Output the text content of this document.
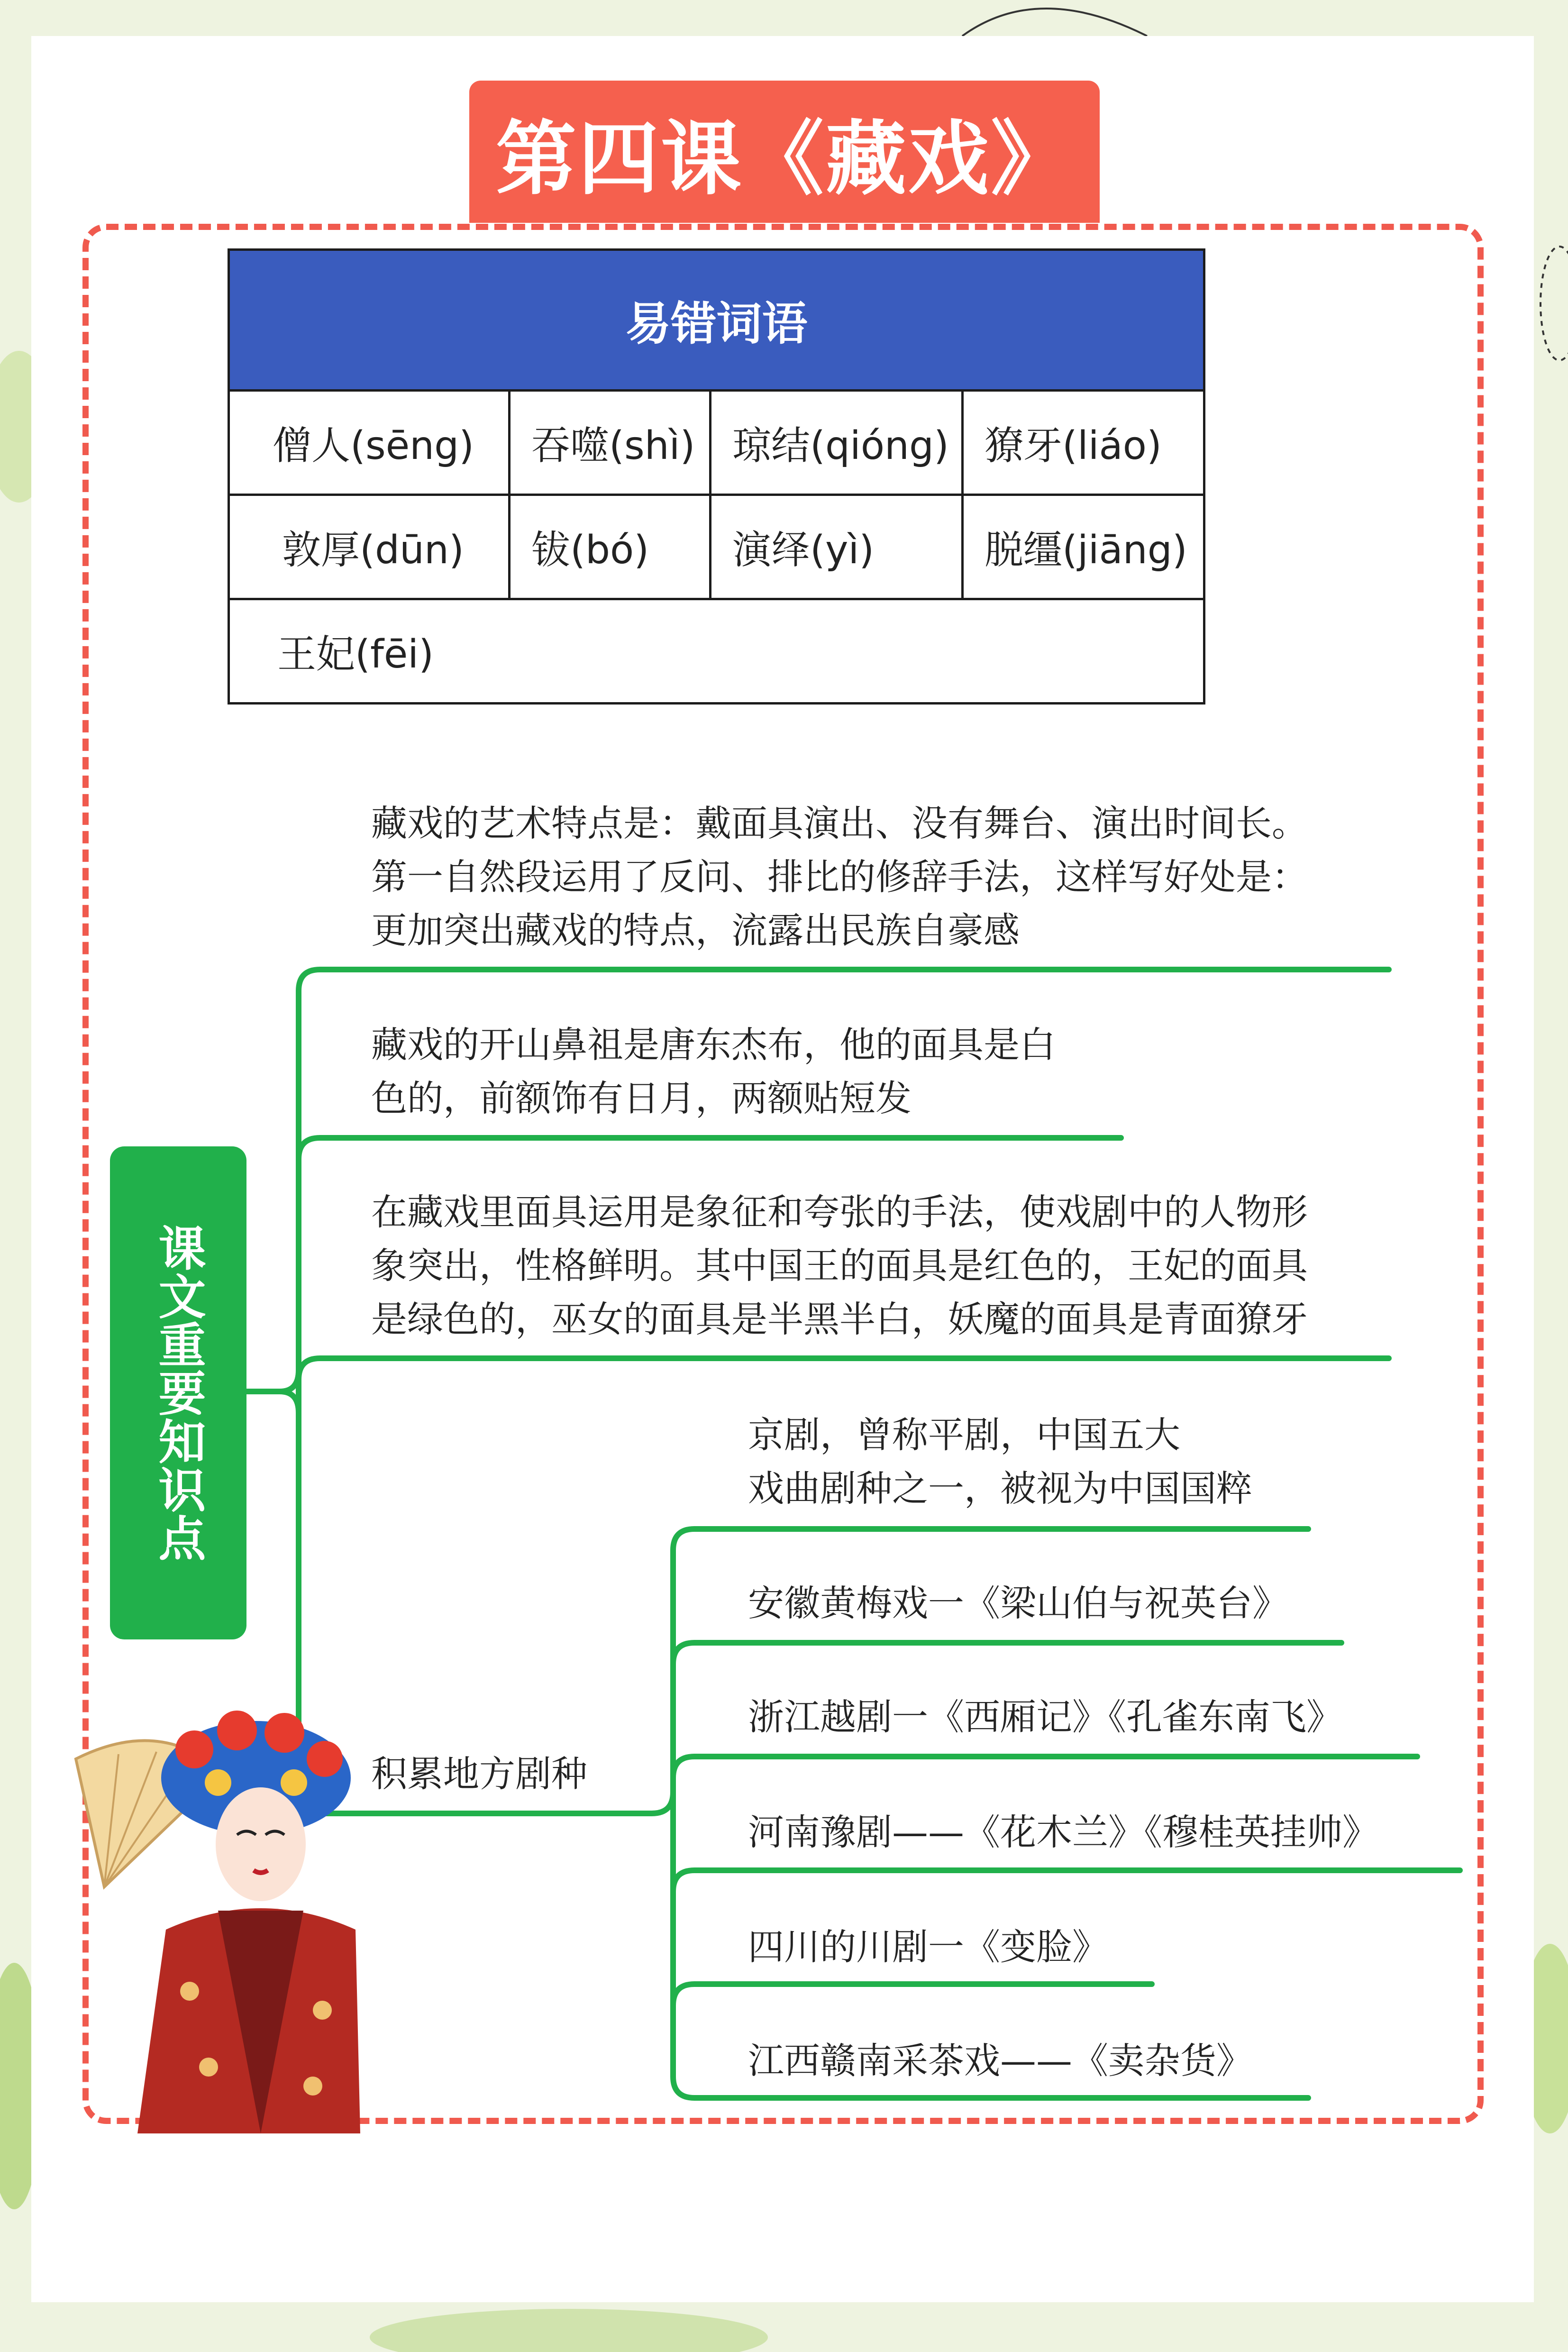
第四课《藏戏》
易错词语			
僧人(sēng)	吞噬(shì)	琼结(qióng)	獠牙(liáo)
敦厚(dūn)	钹(bó)	演绎(yì)	脱缰(jiāng)
王妃(fēi)			
课文重要知识点
藏戏的艺术特点是：戴面具演出、没有舞台、演出时间长。
第一自然段运用了反问、排比的修辞手法，这样写好处是：
更加突出藏戏的特点，流露出民族自豪感
藏戏的开山鼻祖是唐东杰布，他的面具是白
色的，前额饰有日月，两额贴短发
在藏戏里面具运用是象征和夸张的手法，使戏剧中的人物形
象突出，性格鲜明。其中国王的面具是红色的，王妃的面具
是绿色的，巫女的面具是半黑半白，妖魔的面具是青面獠牙
积累地方剧种
京剧，曾称平剧，中国五大
戏曲剧种之一，被视为中国国粹
安徽黄梅戏一《梁山伯与祝英台》
浙江越剧一《西厢记》《孔雀东南飞》
河南豫剧——《花木兰》《穆桂英挂帅》
四川的川剧一《变脸》
江西赣南采茶戏——《卖杂货》
